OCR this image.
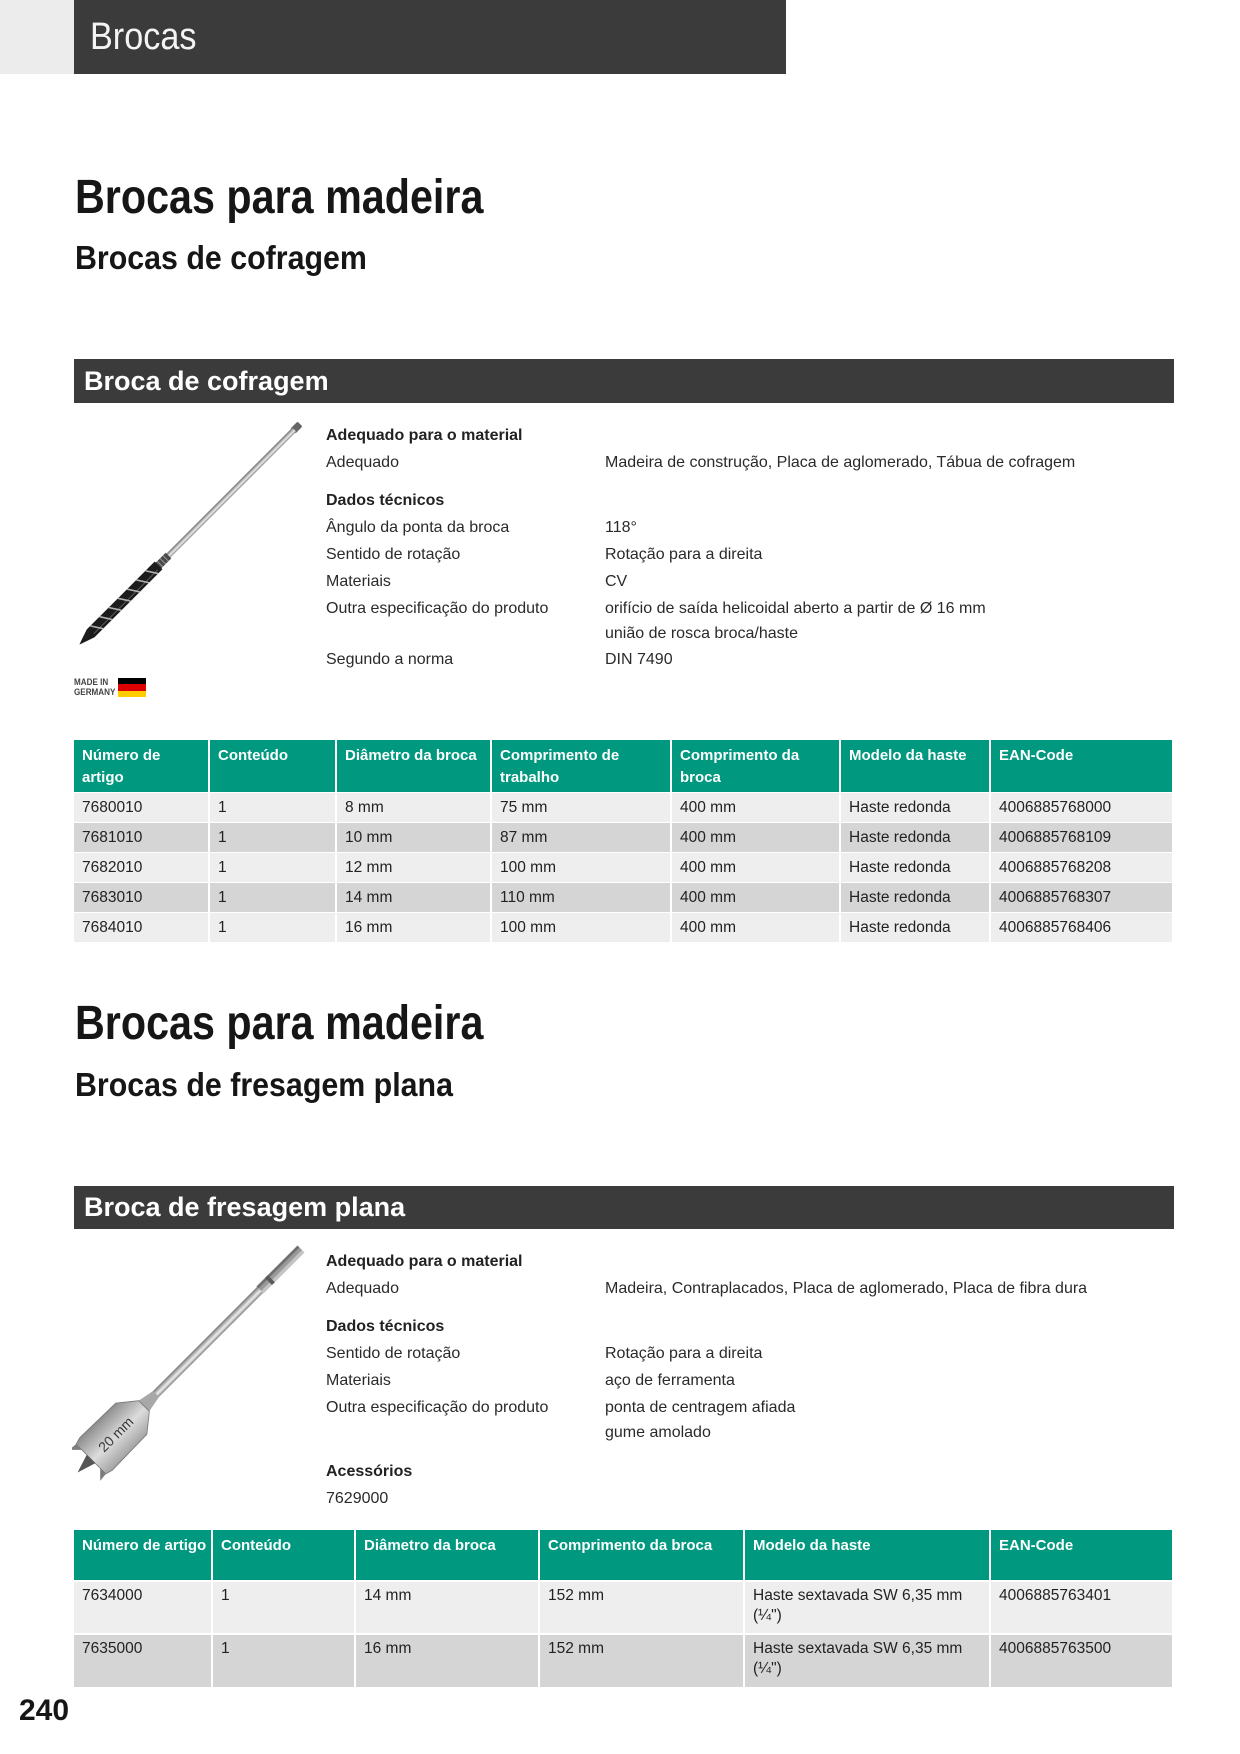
Brocas
Brocas para madeira
Brocas de cofragem
Broca de cofragem
MADE IN
GERMANY
Adequado para o material
Adequado	Madeira de construção, Placa de aglomerado, Tábua de cofragem
Dados técnicos
Ângulo da ponta da broca	118°
Sentido de rotação	Rotação para a direita
Materiais	CV
Outra especificação do produto	orifício de saída helicoidal aberto a partir de Ø 16 mm
união de rosca broca/haste
Segundo a norma	DIN 7490
Número de artigo	Conteúdo	Diâmetro da broca	Comprimento de trabalho	Comprimento da broca	Modelo da haste	EAN-Code
7680010	1	8 mm	75 mm	400 mm	Haste redonda	4006885768000
7681010	1	10 mm	87 mm	400 mm	Haste redonda	4006885768109
7682010	1	12 mm	100 mm	400 mm	Haste redonda	4006885768208
7683010	1	14 mm	110 mm	400 mm	Haste redonda	4006885768307
7684010	1	16 mm	100 mm	400 mm	Haste redonda	4006885768406
Brocas para madeira
Brocas de fresagem plana
Broca de fresagem plana
20 mm
Adequado para o material
Adequado	Madeira, Contraplacados, Placa de aglomerado, Placa de fibra dura
Dados técnicos
Sentido de rotação	Rotação para a direita
Materiais	aço de ferramenta
Outra especificação do produto	ponta de centragem afiada
gume amolado
Acessórios
7629000
Número de artigo	Conteúdo	Diâmetro da broca	Comprimento da broca	Modelo da haste	EAN-Code
7634000	1	14 mm	152 mm	Haste sextavada SW 6,35 mm (¼")	4006885763401
7635000	1	16 mm	152 mm	Haste sextavada SW 6,35 mm (¼")	4006885763500
240
